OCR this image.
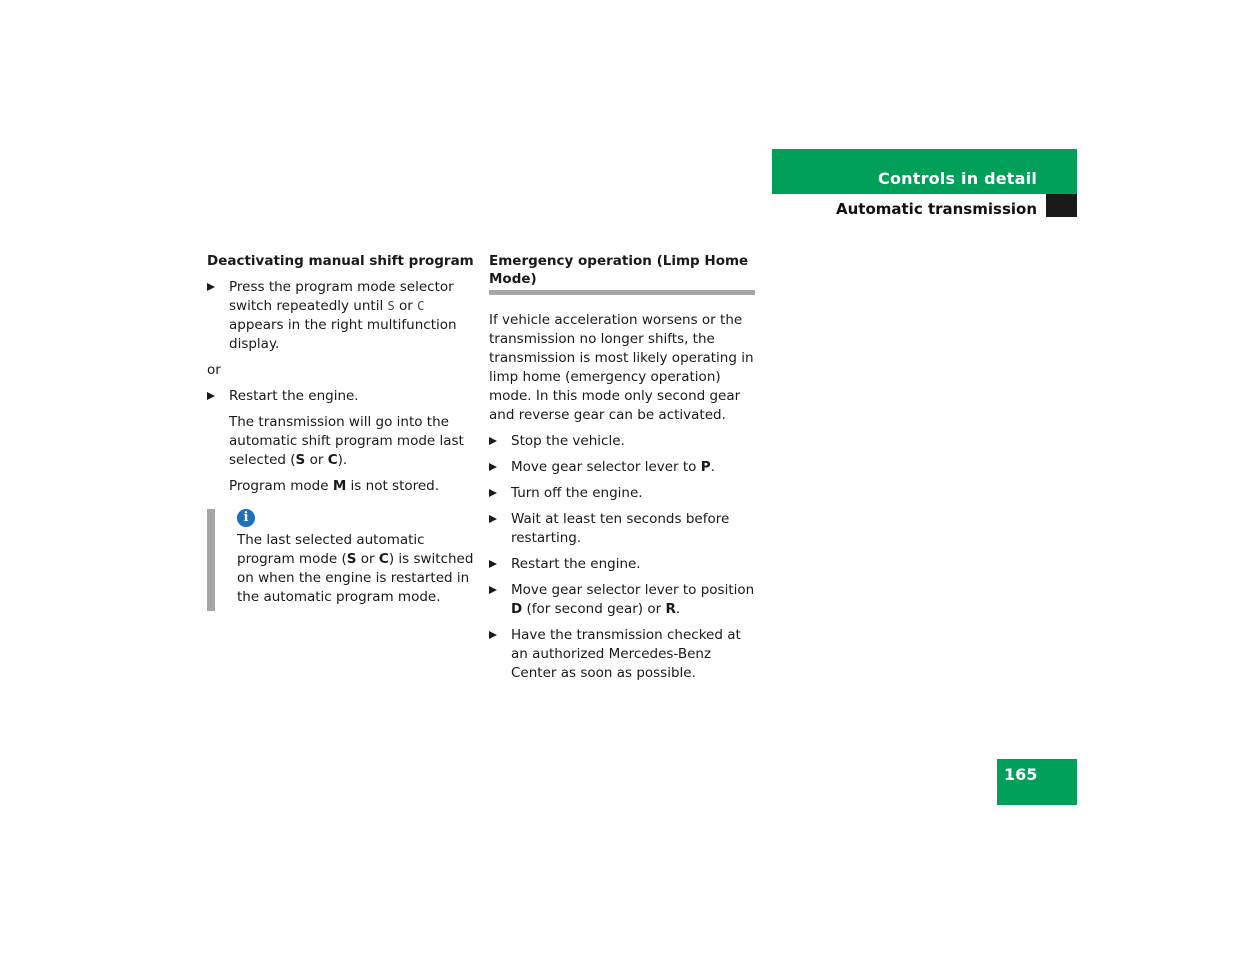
Controls in detail
Automatic transmission
Deactivating manual shift program
Press the program mode selector switch repeatedly until S or C appears in the right multifunction display.
or
Restart the engine.
The transmission will go into the automatic shift program mode last selected (S or C).
Program mode M is not stored.
i

The last selected automatic program mode (S or C) is switched on when the engine is restarted in the automatic program mode.

Emergency operation (Limp Home Mode)
If vehicle acceleration worsens or the transmission no longer shifts, the transmission is most likely operating in limp home (emergency operation) mode. In this mode only second gear and reverse gear can be activated.
Stop the vehicle.
Move gear selector lever to P.
Turn off the engine.
Wait at least ten seconds before restarting.
Restart the engine.
Move gear selector lever to position D (for second gear) or R.
Have the transmission checked at an authorized Mercedes-Benz Center as soon as possible.
165
